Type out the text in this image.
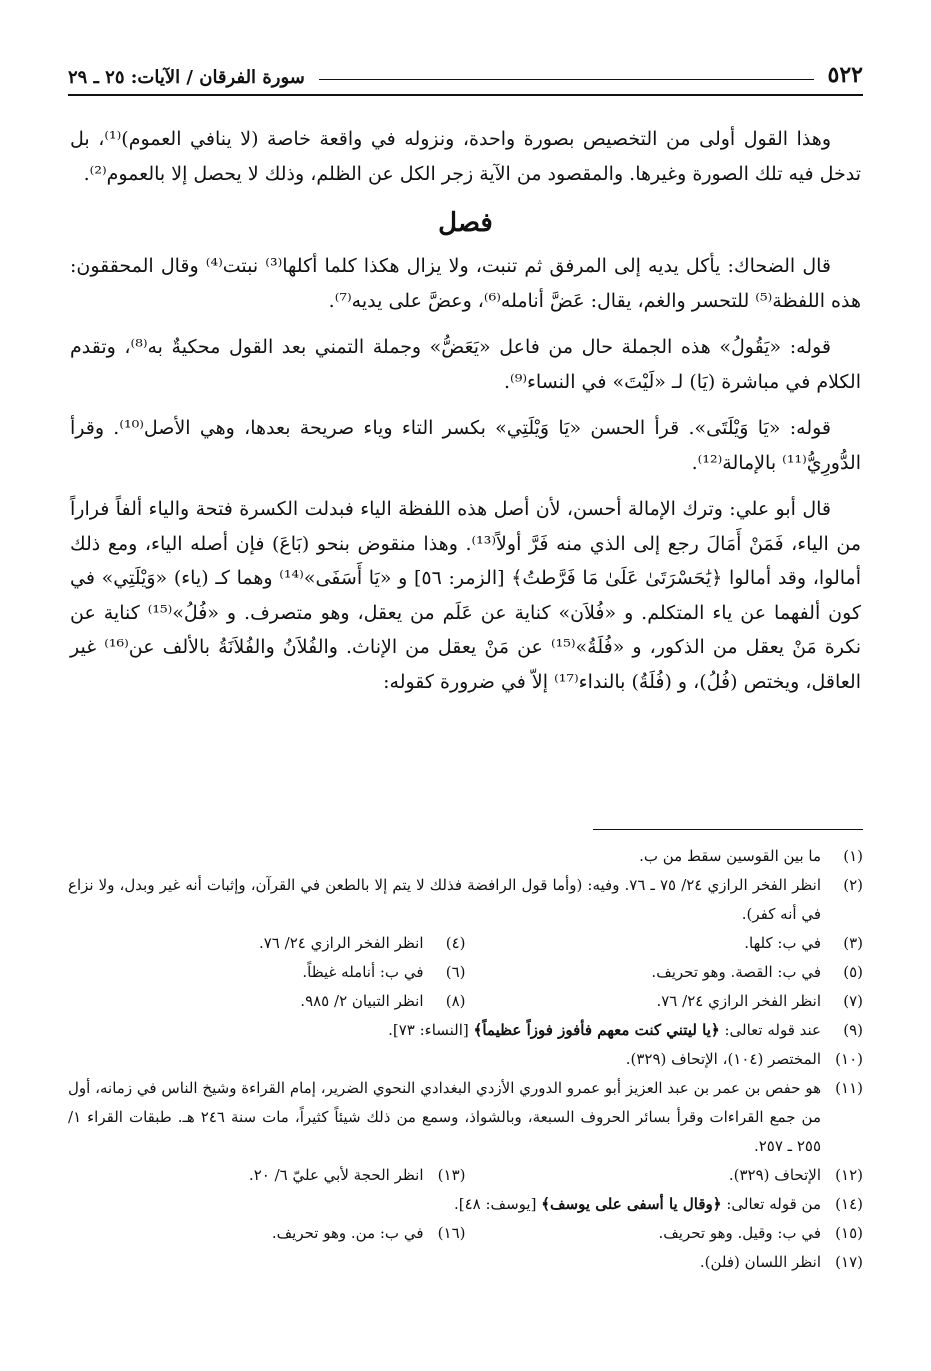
٥٢٢
سورة الفرقان / الآيات: ٢٥ ـ ٢٩

وهذا القول أولى من التخصيص بصورة واحدة، ونزوله في واقعة خاصة (لا ينافي العموم)⁽¹⁾، بل تدخل فيه تلك الصورة وغيرها. والمقصود من الآية زجر الكل عن الظلم، وذلك لا يحصل إلا بالعموم⁽²⁾.

فصل

قال الضحاك: يأكل يديه إلى المرفق ثم تنبت، ولا يزال هكذا كلما أكلها⁽³⁾ نبتت⁽⁴⁾ وقال المحققون: هذه اللفظة⁽⁵⁾ للتحسر والغم، يقال: عَضَّ أنامله⁽⁶⁾، وعضَّ على يديه⁽⁷⁾.

قوله: «يَقُولُ» هذه الجملة حال من فاعل «يَعَضُّ» وجملة التمني بعد القول محكيةٌ به⁽⁸⁾، وتقدم الكلام في مباشرة (يَا) لـ «لَيْتَ» في النساء⁽⁹⁾.

قوله: «يَا وَيْلَتَى». قرأ الحسن «يَا وَيْلَتِي» بكسر التاء وياء صريحة بعدها، وهي الأصل⁽¹⁰⁾. وقرأ الدُّورِيُّ⁽¹¹⁾ بالإمالة⁽¹²⁾.

قال أبو علي: وترك الإمالة أحسن، لأن أصل هذه اللفظة الياء فبدلت الكسرة فتحة والياء ألفاً فراراً من الياء، فَمَنْ أَمَالَ رجع إلى الذي منه فَرَّ أولاً⁽¹³⁾. وهذا منقوض بنحو (بَاعَ) فإن أصله الياء، ومع ذلك أمالوا، وقد أمالوا ﴿يَٰحَسْرَتَىٰ عَلَىٰ مَا فَرَّطتُ﴾ [الزمر: ٥٦] و «يَا أَسَفَى»⁽¹⁴⁾ وهما كـ (ياء) «وَيْلَتِي» في كون ألفهما عن ياء المتكلم. و «فُلاَن» كناية عن عَلَم من يعقل، وهو متصرف. و «فُلُ»⁽¹⁵⁾ كناية عن نكرة مَنْ يعقل من الذكور، و «فُلَةُ»⁽¹⁵⁾ عن مَنْ يعقل من الإناث. والفُلاَنُ والفُلاَنَةُ بالألف عن⁽¹⁶⁾ غير العاقل، ويختص (فُلُ)، و (فُلَةُ) بالنداء⁽¹⁷⁾ إلاّ في ضرورة كقوله:

(١)
ما بين القوسين سقط من ب.
(٢)
انظر الفخر الرازي ٢٤/ ٧٥ ـ ٧٦. وفيه: (وأما قول الرافضة فذلك لا يتم إلا بالطعن في القرآن، وإثبات أنه غير وبدل، ولا نزاع في أنه كفر).
(٣)
في ب: كلها.
(٤)
انظر الفخر الرازي ٢٤/ ٧٦.
(٥)
في ب: القصة. وهو تحريف.
(٦)
في ب: أنامله غيظاً.
(٧)
انظر الفخر الرازي ٢٤/ ٧٦.
(٨)
انظر التبيان ٢/ ٩٨٥.
(٩)
عند قوله تعالى: ﴿يا ليتني كنت معهم فأفوز فوزاً عظيماً﴾ [النساء: ٧٣].
(١٠)
المختصر (١٠٤)، الإتحاف (٣٢٩).
(١١)
هو حفص بن عمر بن عبد العزيز أبو عمرو الدوري الأزدي البغدادي النحوي الضرير، إمام القراءة وشيخ الناس في زمانه، أول من جمع القراءات وقرأ بسائر الحروف السبعة، وبالشواذ، وسمع من ذلك شيئاً كثيراً، مات سنة ٢٤٦ هـ. طبقات القراء ١/ ٢٥٥ ـ ٢٥٧.
(١٢)
الإتحاف (٣٢٩).
(١٣)
انظر الحجة لأبي عليّ ٦/ ٢٠.
(١٤)
من قوله تعالى: ﴿وقال يا أسفى على يوسف﴾ [يوسف: ٤٨].
(١٥)
في ب: وقيل. وهو تحريف.
(١٦)
في ب: من. وهو تحريف.
(١٧)
انظر اللسان (فلن).
